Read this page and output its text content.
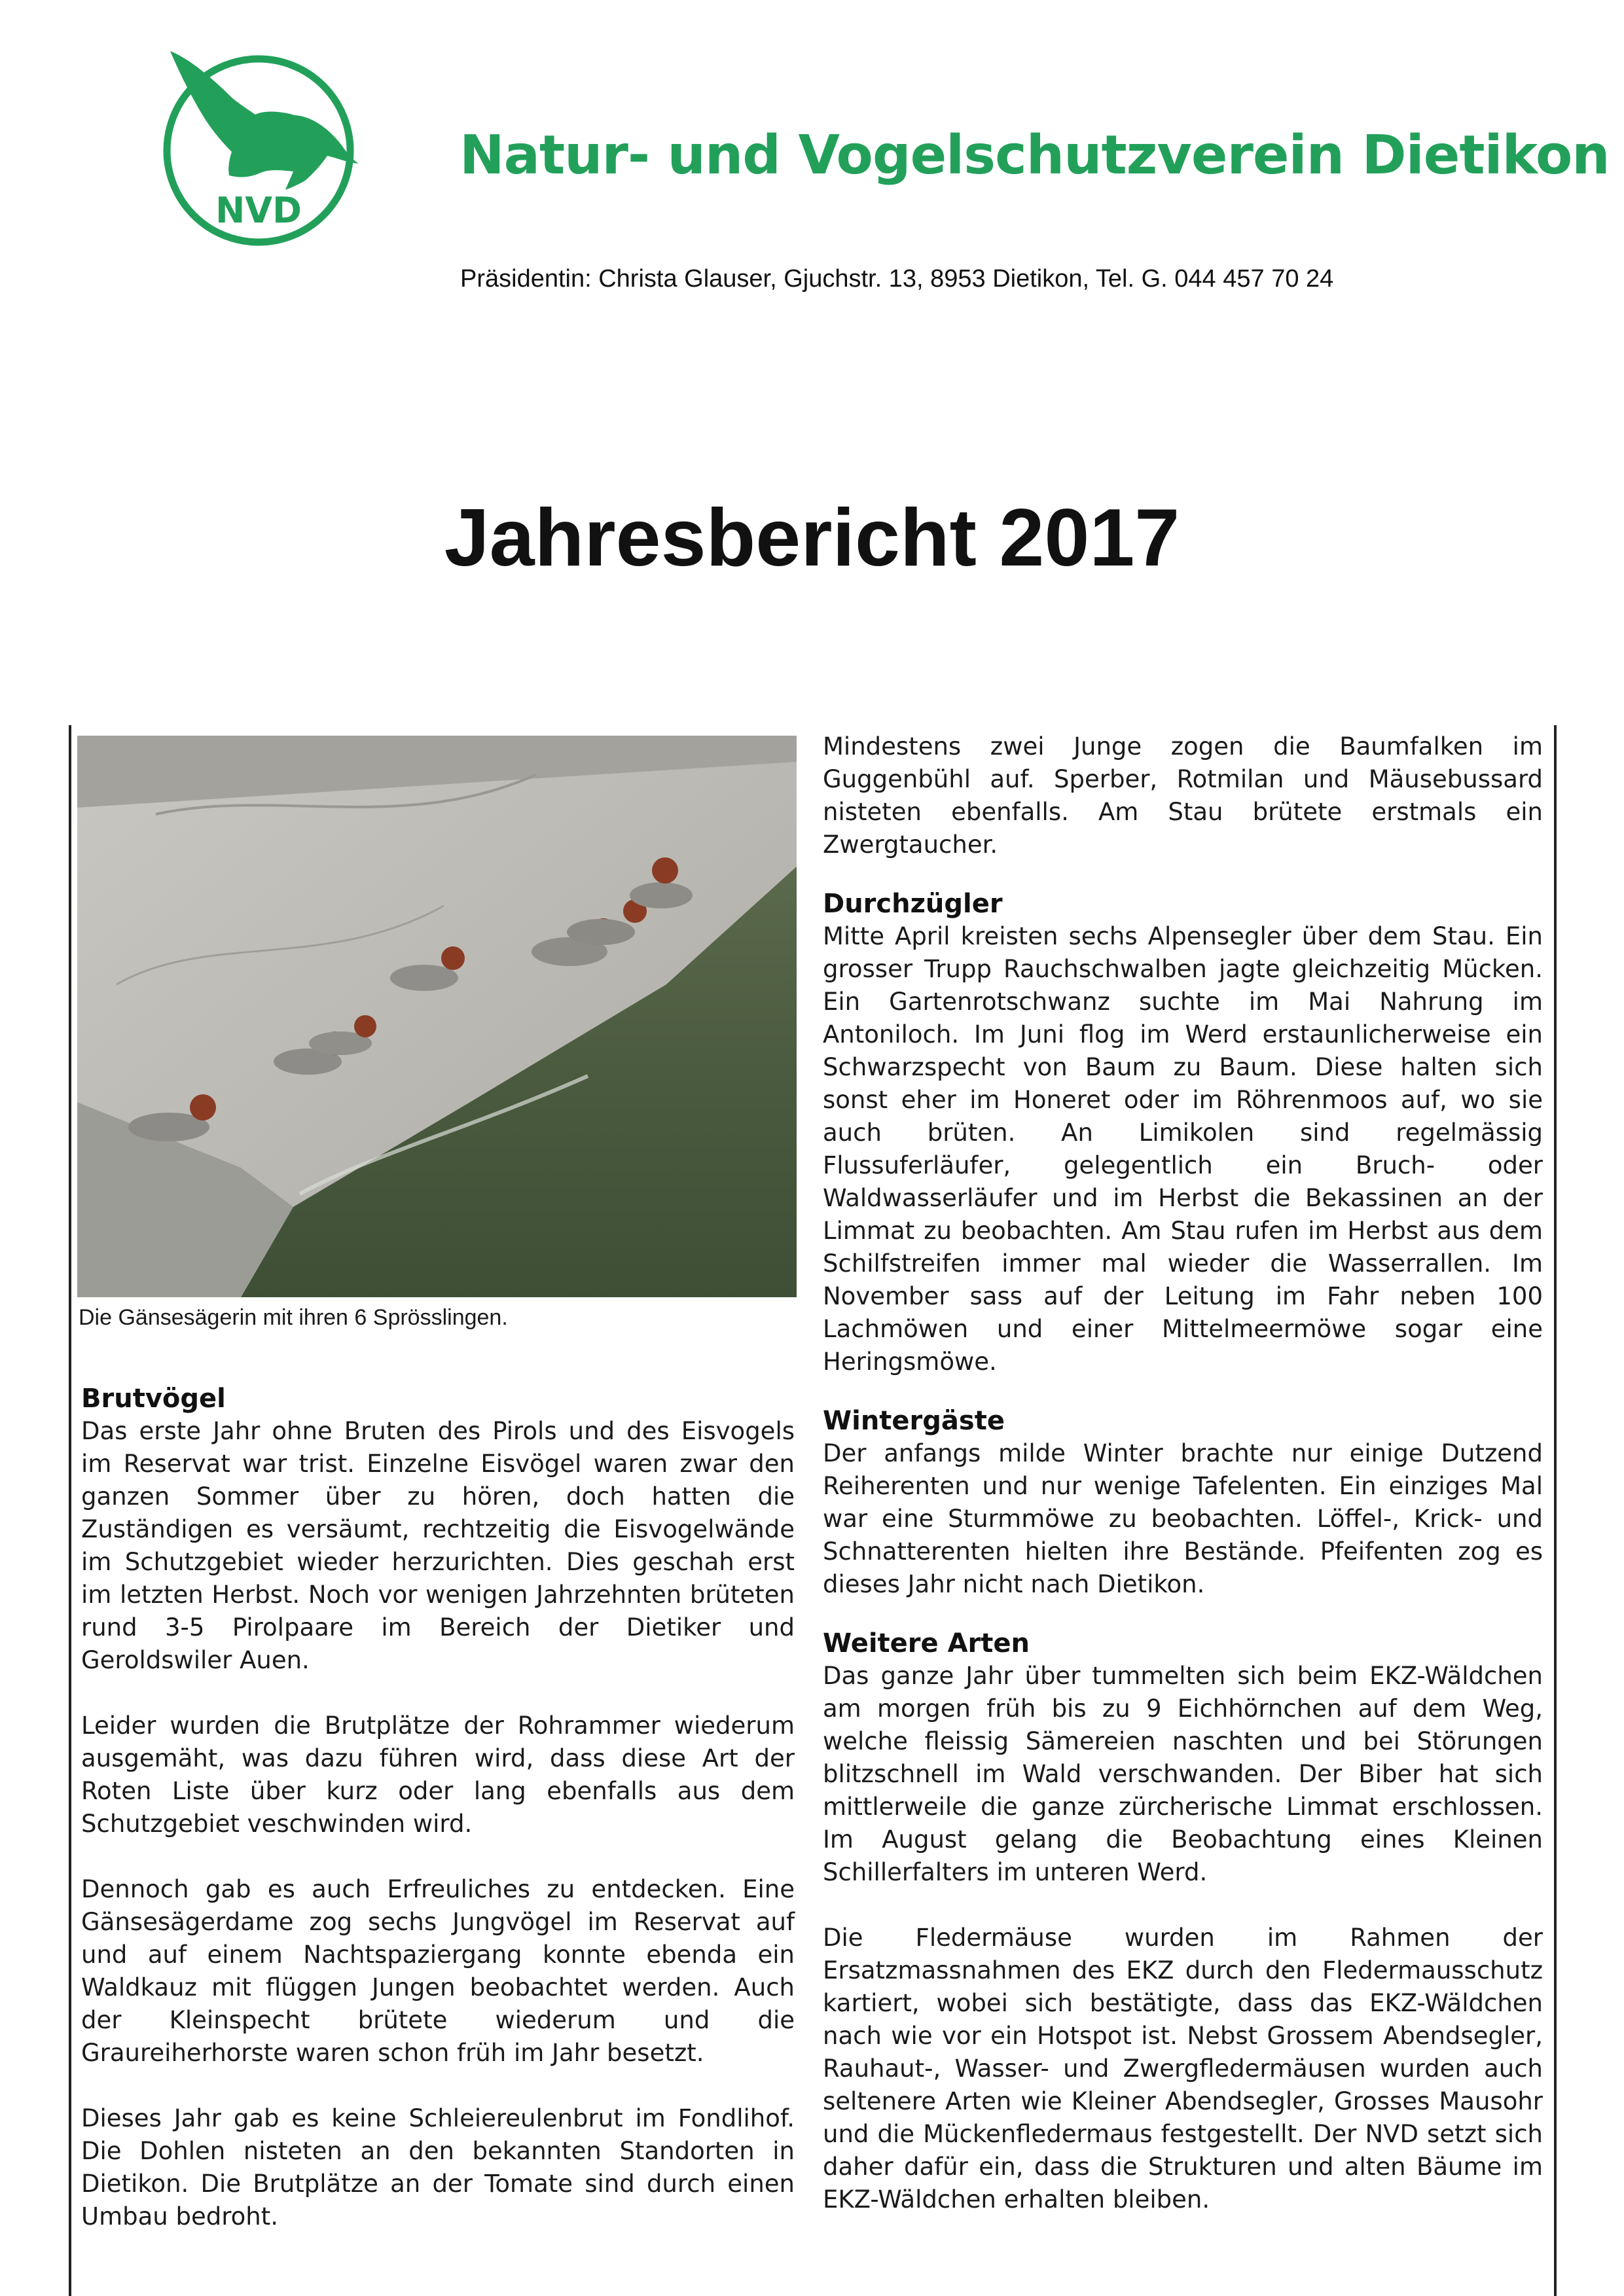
NVD
Natur- und Vogelschutzverein Dietikon
Präsidentin: Christa Glauser, Gjuchstr. 13, 8953 Dietikon, Tel. G. 044 457 70 24
Jahresbericht 2017
Die Gänsesägerin mit ihren 6 Sprösslingen.
Brutvögel

Das erste Jahr ohne Bruten des Pirols und des Eisvogels im Reservat war trist. Einzelne Eisvögel waren zwar den ganzen Sommer über zu hören, doch hatten die Zuständigen es versäumt, rechtzeitig die Eisvogelwände im Schutzgebiet wieder herzurichten. Dies geschah erst im letzten Herbst. Noch vor wenigen Jahrzehnten brüteten rund 3-5 Pirolpaare im Bereich der Dietiker und Geroldswiler Auen.

Leider wurden die Brutplätze der Rohrammer wiederum ausgemäht, was dazu führen wird, dass diese Art der Roten Liste über kurz oder lang ebenfalls aus dem Schutzgebiet veschwinden wird.

Dennoch gab es auch Erfreuliches zu entdecken. Eine Gänsesägerdame zog sechs Jungvögel im Reservat auf und auf einem Nachtspaziergang konnte ebenda ein Waldkauz mit flüggen Jungen beobachtet werden. Auch der Kleinspecht brütete wiederum und die Graureiherhorste waren schon früh im Jahr besetzt.

Dieses Jahr gab es keine Schleiereulenbrut im Fondlihof. Die Dohlen nisteten an den bekannten Standorten in Dietikon. Die Brutplätze an der Tomate sind durch einen Umbau bedroht.

Mindestens zwei Junge zogen die Baumfalken im Guggenbühl auf. Sperber, Rotmilan und Mäusebussard nisteten ebenfalls. Am Stau brütete erstmals ein Zwergtaucher.

Durchzügler

Mitte April kreisten sechs Alpensegler über dem Stau. Ein grosser Trupp Rauchschwalben jagte gleichzeitig Mücken. Ein Gartenrotschwanz suchte im Mai Nahrung im Antoniloch. Im Juni flog im Werd erstaunlicherweise ein Schwarzspecht von Baum zu Baum. Diese halten sich sonst eher im Honeret oder im Röhrenmoos auf, wo sie auch brüten. An Limikolen sind regelmässig Flussuferläufer, gelegentlich ein Bruch- oder Waldwasserläufer und im Herbst die Bekassinen an der Limmat zu beobachten. Am Stau rufen im Herbst aus dem Schilfstreifen immer mal wieder die Wasserrallen. Im November sass auf der Leitung im Fahr neben 100 Lachmöwen und einer Mittelmeermöwe sogar eine Heringsmöwe.

Wintergäste

Der anfangs milde Winter brachte nur einige Dutzend Reiherenten und nur wenige Tafelenten. Ein einziges Mal war eine Sturmmöwe zu beobachten. Löffel-, Krick- und Schnatterenten hielten ihre Bestände. Pfeifenten zog es dieses Jahr nicht nach Dietikon.

Weitere Arten

Das ganze Jahr über tummelten sich beim EKZ-Wäldchen am morgen früh bis zu 9 Eichhörnchen auf dem Weg, welche fleissig Sämereien naschten und bei Störungen blitzschnell im Wald verschwanden. Der Biber hat sich mittlerweile die ganze zürcherische Limmat erschlossen. Im August gelang die Beobachtung eines Kleinen Schillerfalters im unteren Werd.

Die Fledermäuse wurden im Rahmen der Ersatzmassnahmen des EKZ durch den Fledermausschutz kartiert, wobei sich bestätigte, dass das EKZ-Wäldchen nach wie vor ein Hotspot ist. Nebst Grossem Abendsegler, Rauhaut-, Wasser- und Zwergfledermäusen wurden auch seltenere Arten wie Kleiner Abendsegler, Grosses Mausohr und die Mückenfledermaus festgestellt. Der NVD setzt sich daher dafür ein, dass die Strukturen und alten Bäume im EKZ-Wäldchen erhalten bleiben.
